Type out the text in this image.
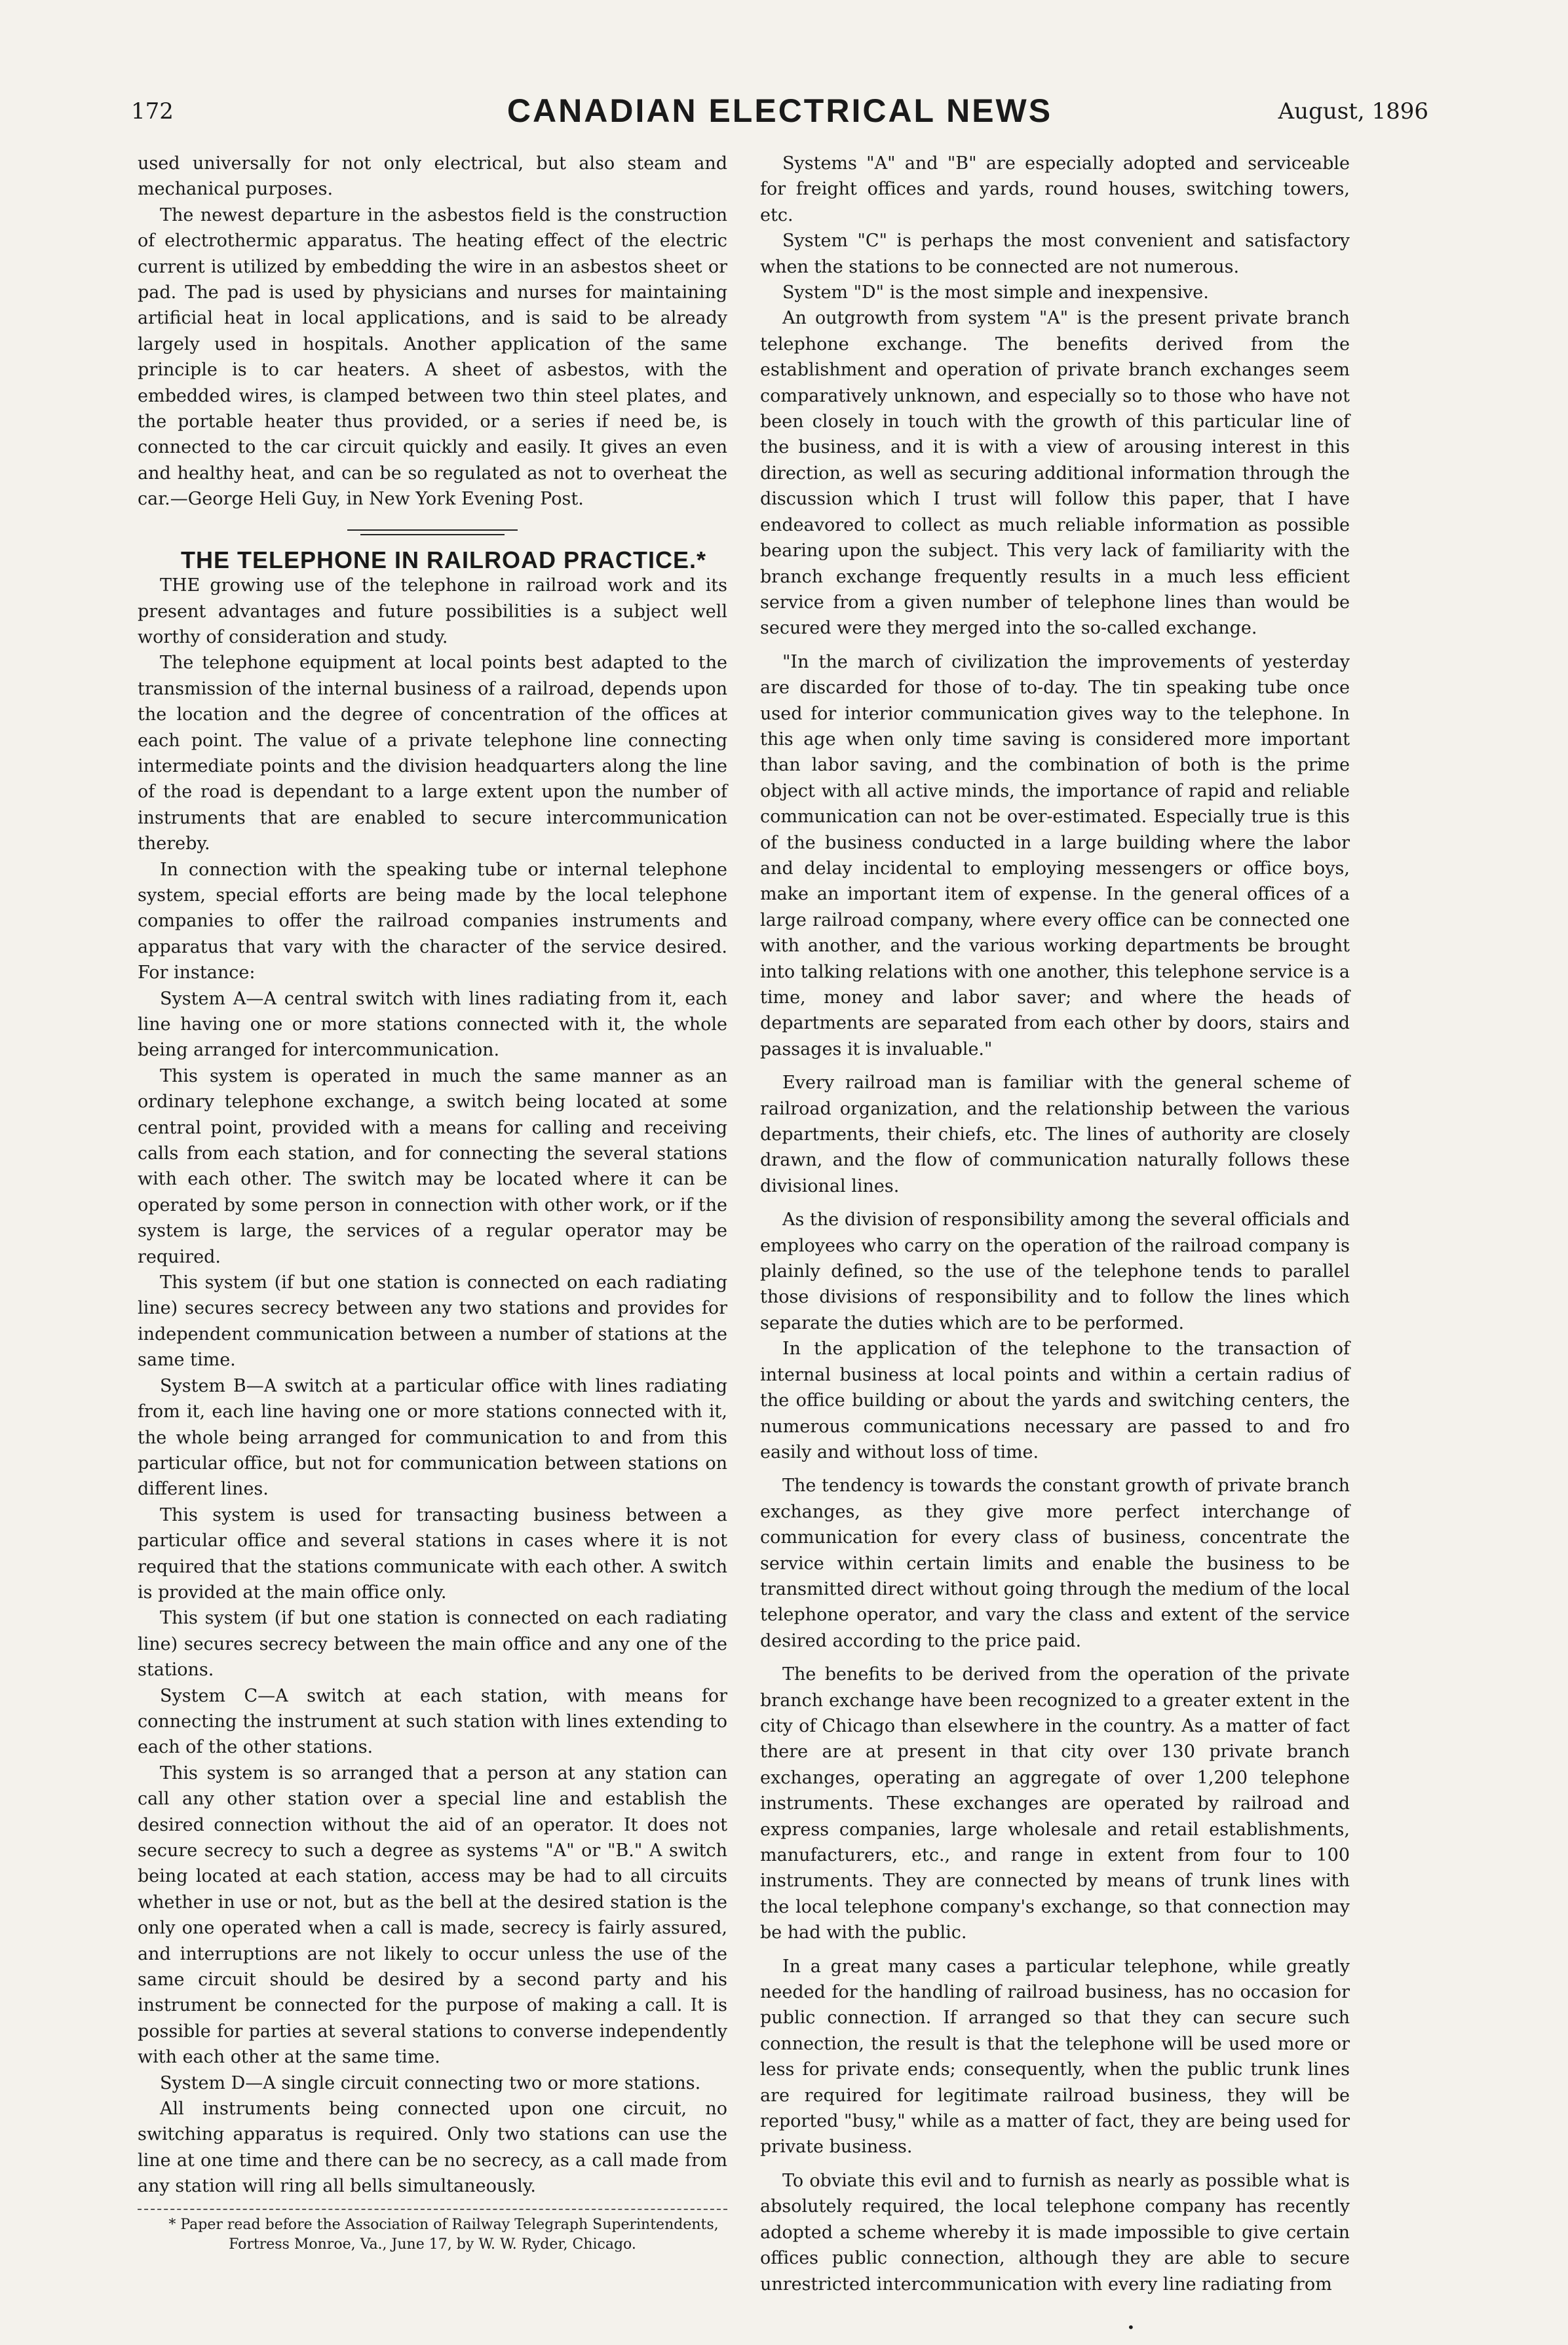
172	CANADIAN ELECTRICAL NEWS	August, 1896

used universally for not only electrical, but also steam and mechanical purposes.

The newest departure in the asbestos field is the construction of electrothermic apparatus. The heating effect of the electric current is utilized by embedding the wire in an asbestos sheet or pad. The pad is used by physicians and nurses for maintaining artificial heat in local applications, and is said to be already largely used in hospitals. Another application of the same principle is to car heaters. A sheet of asbestos, with the embedded wires, is clamped between two thin steel plates, and the portable heater thus provided, or a series if need be, is connected to the car circuit quickly and easily. It gives an even and healthy heat, and can be so regulated as not to overheat the car.—George Heli Guy, in New York Evening Post.

THE TELEPHONE IN RAILROAD PRACTICE.*

THE growing use of the telephone in railroad work and its present advantages and future possibilities is a subject well worthy of consideration and study.

The telephone equipment at local points best adapted to the transmission of the internal business of a railroad, depends upon the location and the degree of concentration of the offices at each point. The value of a private telephone line connecting intermediate points and the division headquarters along the line of the road is dependant to a large extent upon the number of instruments that are enabled to secure intercommunication thereby.

In connection with the speaking tube or internal telephone system, special efforts are being made by the local telephone companies to offer the railroad companies instruments and apparatus that vary with the character of the service desired. For instance:

System A—A central switch with lines radiating from it, each line having one or more stations connected with it, the whole being arranged for intercommunication.

This system is operated in much the same manner as an ordinary telephone exchange, a switch being located at some central point, provided with a means for calling and receiving calls from each station, and for connecting the several stations with each other. The switch may be located where it can be operated by some person in connection with other work, or if the system is large, the services of a regular operator may be required.

This system (if but one station is connected on each radiating line) secures secrecy between any two stations and provides for independent communication between a number of stations at the same time.

System B—A switch at a particular office with lines radiating from it, each line having one or more stations connected with it, the whole being arranged for communication to and from this particular office, but not for communication between stations on different lines.

This system is used for transacting business between a particular office and several stations in cases where it is not required that the stations communicate with each other. A switch is provided at the main office only.

This system (if but one station is connected on each radiating line) secures secrecy between the main office and any one of the stations.

System C—A switch at each station, with means for connecting the instrument at such station with lines extending to each of the other stations.

This system is so arranged that a person at any station can call any other station over a special line and establish the desired connection without the aid of an operator. It does not secure secrecy to such a degree as systems "A" or "B." A switch being located at each station, access may be had to all circuits whether in use or not, but as the bell at the desired station is the only one operated when a call is made, secrecy is fairly assured, and interruptions are not likely to occur unless the use of the same circuit should be desired by a second party and his instrument be connected for the purpose of making a call. It is possible for parties at several stations to converse independently with each other at the same time.

System D—A single circuit connecting two or more stations.

All instruments being connected upon one circuit, no switching apparatus is required. Only two stations can use the line at one time and there can be no secrecy, as a call made from any station will ring all bells simultaneously.

* Paper read before the Association of Railway Telegraph Superintendents, Fortress Monroe, Va., June 17, by W. W. Ryder, Chicago.

Systems "A" and "B" are especially adopted and serviceable for freight offices and yards, round houses, switching towers, etc.

System "C" is perhaps the most convenient and satisfactory when the stations to be connected are not numerous.

System "D" is the most simple and inexpensive.

An outgrowth from system "A" is the present private branch telephone exchange. The benefits derived from the establishment and operation of private branch exchanges seem comparatively unknown, and especially so to those who have not been closely in touch with the growth of this particular line of the business, and it is with a view of arousing interest in this direction, as well as securing additional information through the discussion which I trust will follow this paper, that I have endeavored to collect as much reliable information as possible bearing upon the subject. This very lack of familiarity with the branch exchange frequently results in a much less efficient service from a given number of telephone lines than would be secured were they merged into the so-called exchange.

"In the march of civilization the improvements of yesterday are discarded for those of to-day. The tin speaking tube once used for interior communication gives way to the telephone. In this age when only time saving is considered more important than labor saving, and the combination of both is the prime object with all active minds, the importance of rapid and reliable communication can not be over-estimated. Especially true is this of the business conducted in a large building where the labor and delay incidental to employing messengers or office boys, make an important item of expense. In the general offices of a large railroad company, where every office can be connected one with another, and the various working departments be brought into talking relations with one another, this telephone service is a time, money and labor saver; and where the heads of departments are separated from each other by doors, stairs and passages it is invaluable."

Every railroad man is familiar with the general scheme of railroad organization, and the relationship between the various departments, their chiefs, etc. The lines of authority are closely drawn, and the flow of communication naturally follows these divisional lines.

As the division of responsibility among the several officials and employees who carry on the operation of the railroad company is plainly defined, so the use of the telephone tends to parallel those divisions of responsibility and to follow the lines which separate the duties which are to be performed.

In the application of the telephone to the transaction of internal business at local points and within a certain radius of the office building or about the yards and switching centers, the numerous communications necessary are passed to and fro easily and without loss of time.

The tendency is towards the constant growth of private branch exchanges, as they give more perfect interchange of communication for every class of business, concentrate the service within certain limits and enable the business to be transmitted direct without going through the medium of the local telephone operator, and vary the class and extent of the service desired according to the price paid.

The benefits to be derived from the operation of the private branch exchange have been recognized to a greater extent in the city of Chicago than elsewhere in the country. As a matter of fact there are at present in that city over 130 private branch exchanges, operating an aggregate of over 1,200 telephone instruments. These exchanges are operated by railroad and express companies, large wholesale and retail establishments, manufacturers, etc., and range in extent from four to 100 instruments. They are connected by means of trunk lines with the local telephone company's exchange, so that connection may be had with the public.

In a great many cases a particular telephone, while greatly needed for the handling of railroad business, has no occasion for public connection. If arranged so that they can secure such connection, the result is that the telephone will be used more or less for private ends; consequently, when the public trunk lines are required for legitimate railroad business, they will be reported "busy," while as a matter of fact, they are being used for private business.

To obviate this evil and to furnish as nearly as possible what is absolutely required, the local telephone company has recently adopted a scheme whereby it is made impossible to give certain offices public connection, although they are able to secure unrestricted intercommunication with every line radiating from

•
